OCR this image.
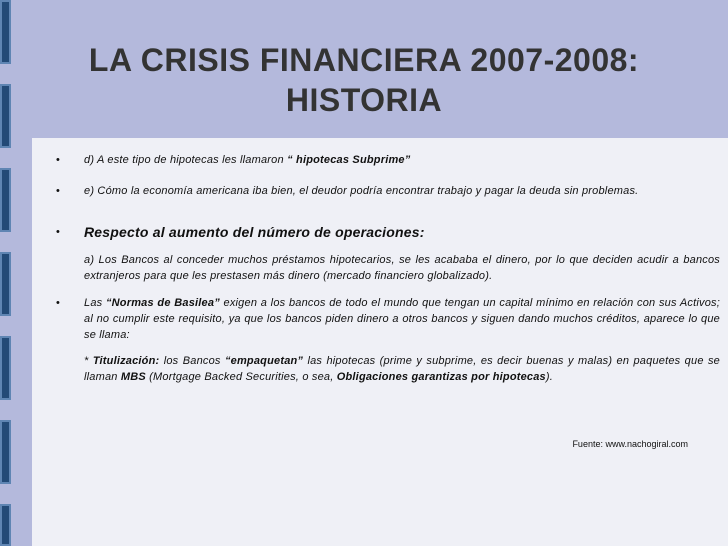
LA CRISIS FINANCIERA 2007-2008:
HISTORIA
• d) A este tipo de hipotecas les llamaron “ hipotecas Subprime”
• e) Cómo la economía americana iba bien, el deudor podría encontrar trabajo y pagar la deuda sin problemas.
• Respecto al aumento del número de operaciones:
a) Los Bancos al conceder muchos préstamos hipotecarios, se les acababa el dinero, por lo que deciden acudir a bancos extranjeros para que les prestasen más dinero (mercado financiero globalizado).
• Las “Normas de Basilea” exigen a los bancos de todo el mundo que tengan un capital mínimo en relación con sus Activos; al no cumplir este requisito, ya que los bancos piden dinero a otros bancos y siguen dando muchos créditos, aparece lo que se llama:
* Titulización: los Bancos “empaquetan” las hipotecas (prime y subprime, es decir buenas y malas) en paquetes que se llaman MBS (Mortgage Backed Securities, o sea, Obligaciones garantizas por hipotecas).
Fuente: www.nachogiral.com
